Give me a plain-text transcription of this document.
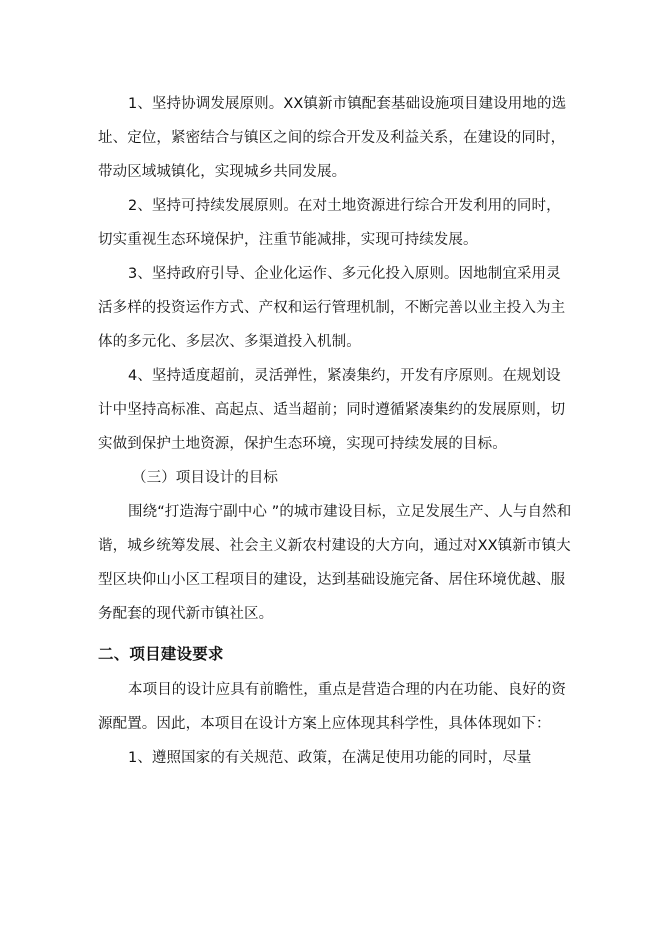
1、坚持协调发展原则。XX镇新市镇配套基础设施项目建设用地的选址、定位，紧密结合与镇区之间的综合开发及利益关系，在建设的同时，带动区域城镇化，实现城乡共同发展。

2、坚持可持续发展原则。在对土地资源进行综合开发利用的同时，切实重视生态环境保护，注重节能减排，实现可持续发展。

3、坚持政府引导、企业化运作、多元化投入原则。因地制宜采用灵活多样的投资运作方式、产权和运行管理机制，不断完善以业主投入为主体的多元化、多层次、多渠道投入机制。

4、坚持适度超前，灵活弹性，紧凑集约，开发有序原则。在规划设计中坚持高标准、高起点、适当超前；同时遵循紧凑集约的发展原则，切实做到保护土地资源，保护生态环境，实现可持续发展的目标。

（三）项目设计的目标

围绕“打造海宁副中心 ”的城市建设目标，立足发展生产、人与自然和谐，城乡统筹发展、社会主义新农村建设的大方向，通过对XX镇新市镇大型区块仰山小区工程项目的建设，达到基础设施完备、居住环境优越、服务配套的现代新市镇社区。

二、项目建设要求

本项目的设计应具有前瞻性，重点是营造合理的内在功能、良好的资源配置。因此，本项目在设计方案上应体现其科学性，具体体现如下：

1、遵照国家的有关规范、政策，在满足使用功能的同时，尽量
